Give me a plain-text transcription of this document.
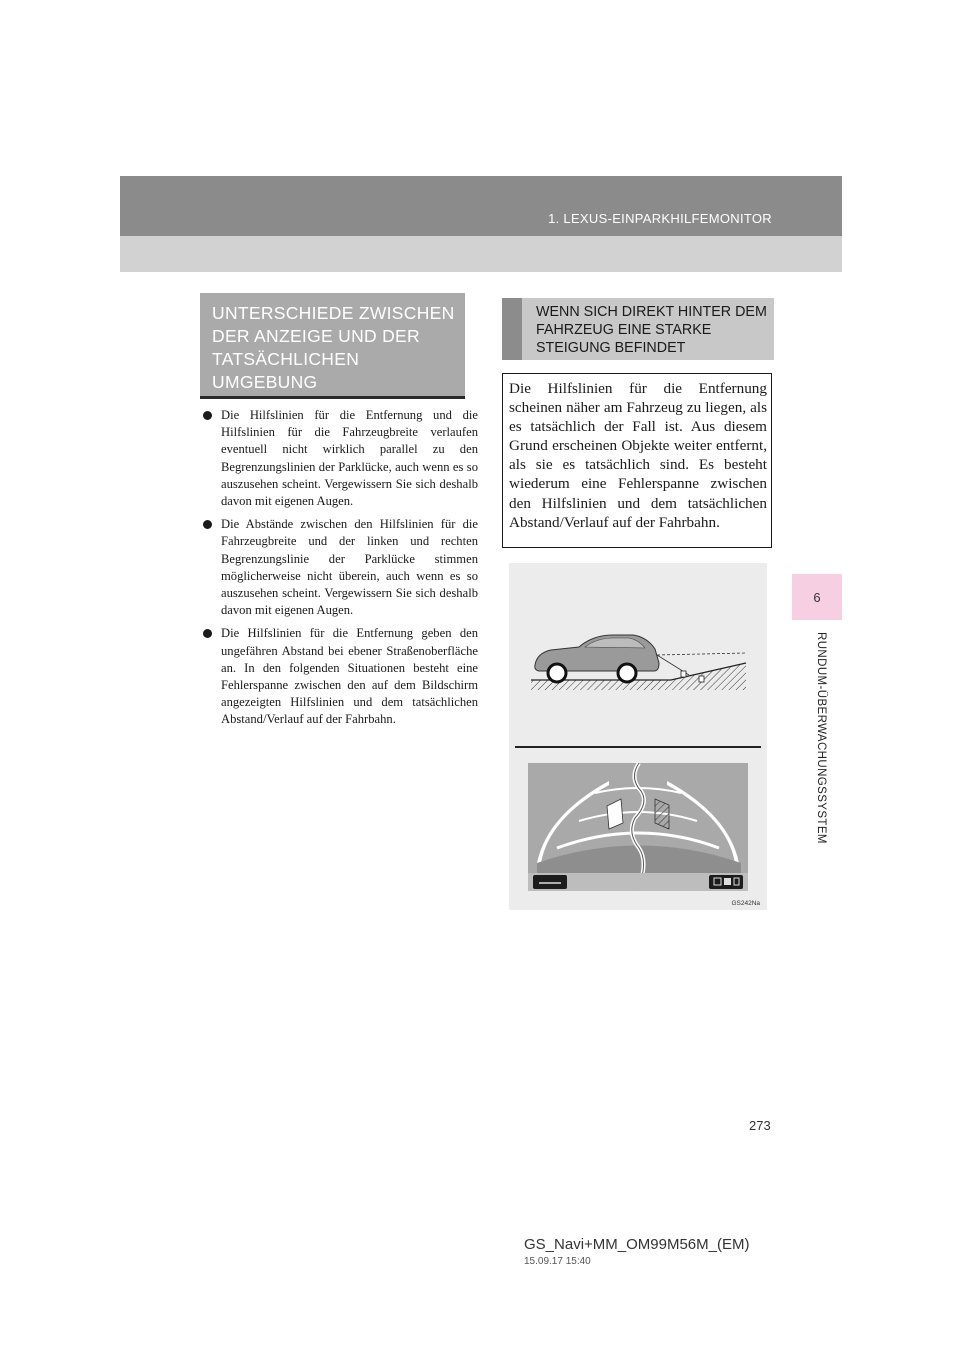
1. LEXUS-EINPARKHILFEMONITOR
6
RUNDUM-ÜBERWACHUNGSSYSTEM
UNTERSCHIEDE ZWISCHEN DER ANZEIGE UND DER TATSÄCHLICHEN UMGEBUNG
Die Hilfslinien für die Entfernung und die Hilfslinien für die Fahrzeugbreite verlaufen eventuell nicht wirklich parallel zu den Begrenzungslinien der Parklücke, auch wenn es so auszusehen scheint. Vergewissern Sie sich deshalb davon mit eigenen Augen.
Die Abstände zwischen den Hilfslinien für die Fahrzeugbreite und der linken und rechten Begrenzungslinie der Parklücke stimmen möglicherweise nicht überein, auch wenn es so auszusehen scheint. Vergewissern Sie sich deshalb davon mit eigenen Augen.
Die Hilfslinien für die Entfernung geben den ungefähren Abstand bei ebener Straßenoberfläche an. In den folgenden Situationen besteht eine Fehlerspanne zwischen den auf dem Bildschirm angezeigten Hilfslinien und dem tatsächlichen Abstand/Verlauf auf der Fahrbahn.
WENN SICH DIREKT HINTER DEM FAHRZEUG EINE STARKE STEIGUNG BEFINDET
Die Hilfslinien für die Entfernung scheinen näher am Fahrzeug zu liegen, als es tatsächlich der Fall ist. Aus diesem Grund erscheinen Objekte weiter entfernt, als sie es tatsächlich sind. Es besteht wiederum eine Fehlerspanne zwischen den Hilfslinien und dem tatsächlichen Abstand/Verlauf auf der Fahrbahn.
GS242Na
273
GS_Navi+MM_OM99M56M_(EM)
15.09.17 15:40
